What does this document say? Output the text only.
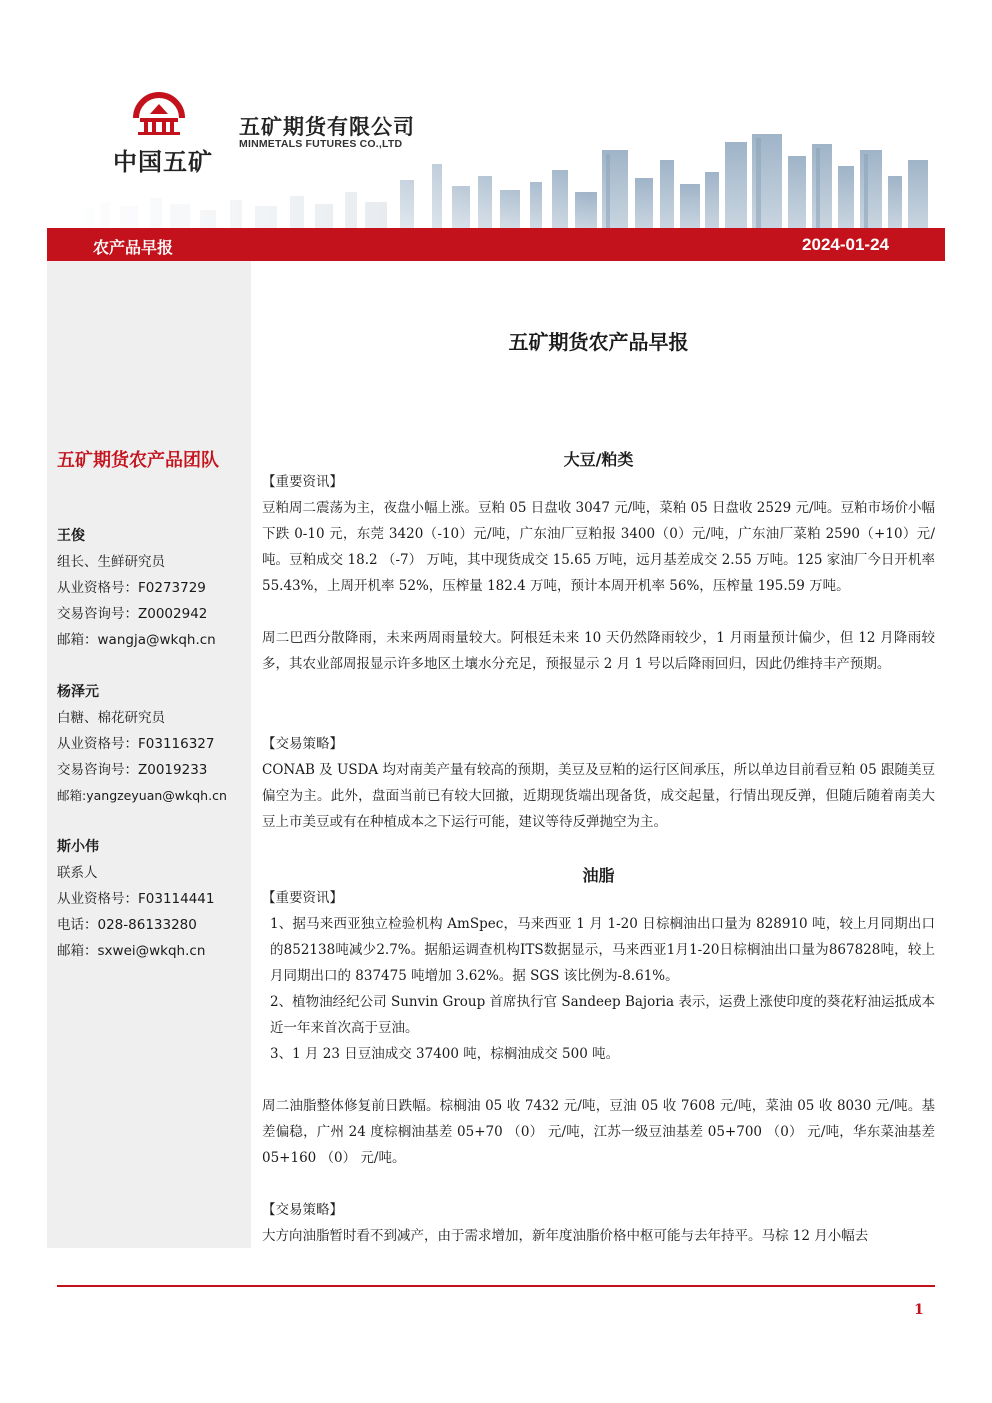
中国五矿
五矿期货有限公司
MINMETALS FUTURES CO.,LTD
农产品早报	2024-01-24
五矿期货农产品团队
王俊
组长、生鲜研究员
从业资格号：F0273729
交易咨询号：Z0002942
邮箱：wangja@wkqh.cn
杨泽元
白糖、棉花研究员
从业资格号：F03116327
交易咨询号：Z0019233
邮箱:yangzeyuan@wkqh.cn
斯小伟
联系人
从业资格号：F03114441
电话：028-86133280
邮箱：sxwei@wkqh.cn
五矿期货农产品早报
大豆/粕类
【重要资讯】
豆粕周二震荡为主，夜盘小幅上涨。豆粕 05 日盘收 3047 元/吨，菜粕 05 日盘收 2529 元/吨。豆粕市场价小幅下跌 0-10 元，东莞 3420（-10）元/吨，广东油厂豆粕报 3400（0）元/吨，广东油厂菜粕 2590（+10）元/吨。豆粕成交 18.2 （-7） 万吨，其中现货成交 15.65 万吨，远月基差成交 2.55 万吨。125 家油厂今日开机率 55.43%，上周开机率 52%，压榨量 182.4 万吨，预计本周开机率 56%，压榨量 195.59 万吨。
周二巴西分散降雨，未来两周雨量较大。阿根廷未来 10 天仍然降雨较少，1 月雨量预计偏少，但 12 月降雨较多，其农业部周报显示许多地区土壤水分充足，预报显示 2 月 1 号以后降雨回归，因此仍维持丰产预期。
【交易策略】
CONAB 及 USDA 均对南美产量有较高的预期，美豆及豆粕的运行区间承压，所以单边目前看豆粕 05 跟随美豆偏空为主。此外，盘面当前已有较大回撤，近期现货端出现备货，成交起量，行情出现反弹，但随后随着南美大豆上市美豆或有在种植成本之下运行可能，建议等待反弹抛空为主。
油脂
【重要资讯】
1、据马来西亚独立检验机构 AmSpec，马来西亚 1 月 1-20 日棕榈油出口量为 828910 吨，较上月同期出口的852138吨减少2.7%。据船运调查机构ITS数据显示，马来西亚1月1-20日棕榈油出口量为867828吨，较上月同期出口的 837475 吨增加 3.62%。据 SGS 该比例为-8.61%。
2、植物油经纪公司 Sunvin Group 首席执行官 Sandeep Bajoria 表示，运费上涨使印度的葵花籽油运抵成本近一年来首次高于豆油。
3、1 月 23 日豆油成交 37400 吨，棕榈油成交 500 吨。
周二油脂整体修复前日跌幅。棕榈油 05 收 7432 元/吨，豆油 05 收 7608 元/吨，菜油 05 收 8030 元/吨。基差偏稳，广州 24 度棕榈油基差 05+70 （0） 元/吨，江苏一级豆油基差 05+700 （0） 元/吨，华东菜油基差 05+160 （0） 元/吨。
【交易策略】
大方向油脂暂时看不到减产，由于需求增加，新年度油脂价格中枢可能与去年持平。马棕 12 月小幅去
1
